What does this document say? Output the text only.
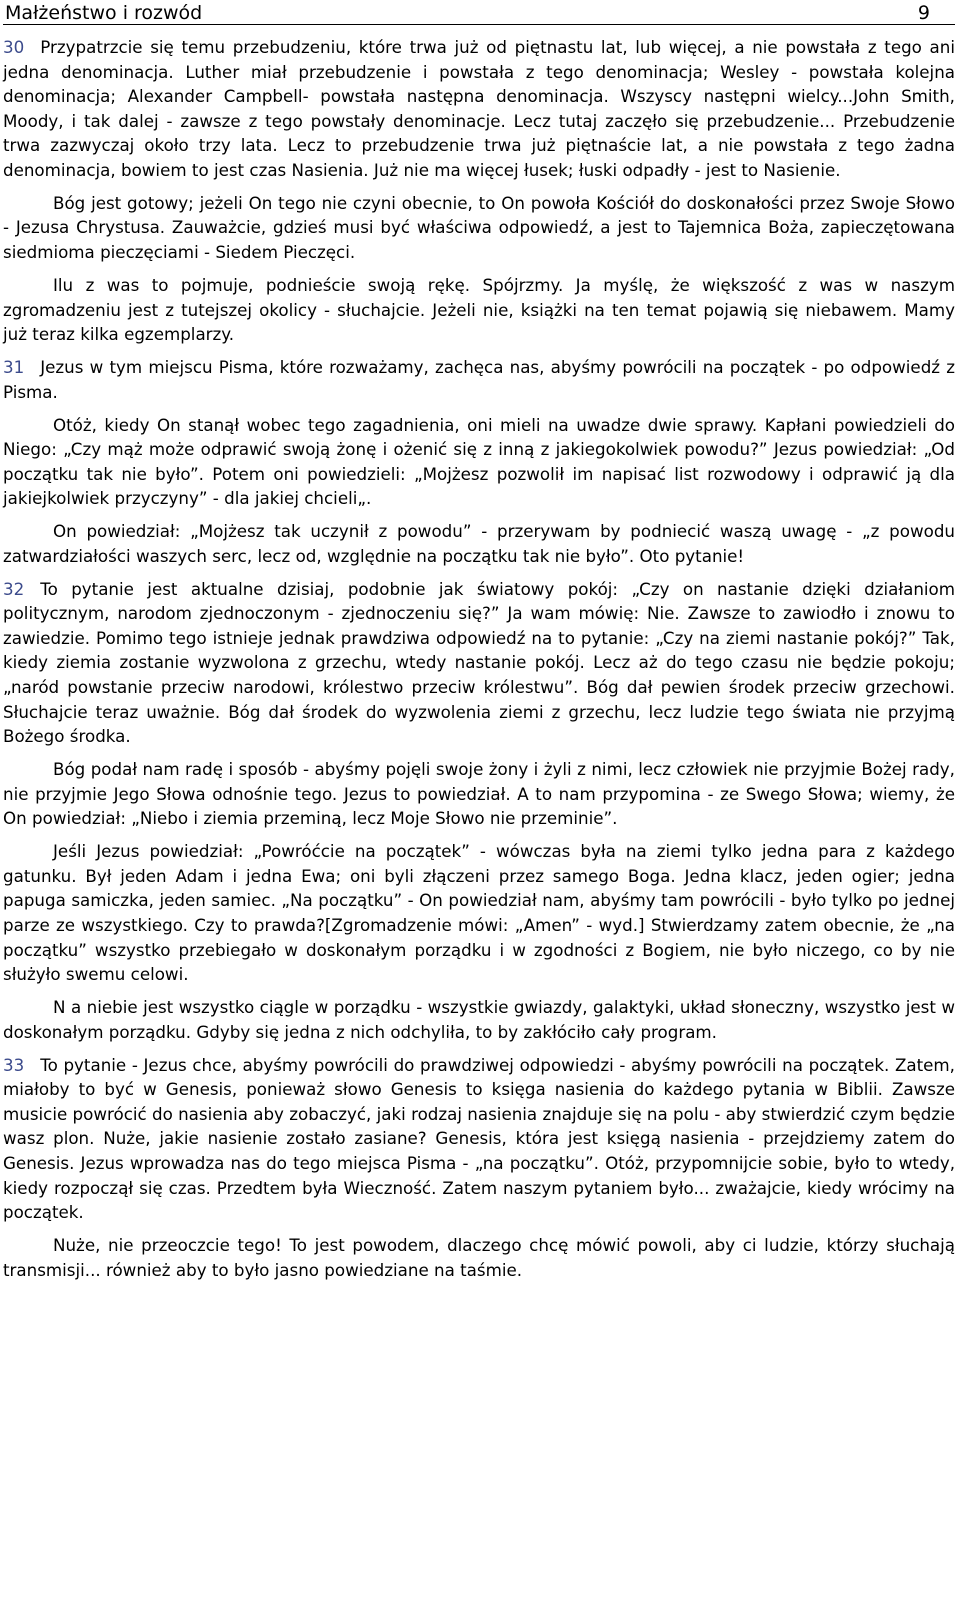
Małżeństwo i rozwód	9

30 Przypatrzcie się temu przebudzeniu, które trwa już od piętnastu lat, lub więcej, a nie powstała z tego ani jedna denominacja. Luther miał przebudzenie i powstała z tego denominacja; Wesley - powstała kolejna denominacja; Alexander Campbell- powstała następna denominacja. Wszyscy następni wielcy...John Smith, Moody, i tak dalej - zawsze z tego powstały denominacje. Lecz tutaj zaczęło się przebudzenie... Przebudzenie trwa zazwyczaj około trzy lata. Lecz to przebudzenie trwa już piętnaście lat, a nie powstała z tego żadna denominacja, bowiem to jest czas Nasienia. Już nie ma więcej łusek; łuski odpadły - jest to Nasienie.

Bóg jest gotowy; jeżeli On tego nie czyni obecnie, to On powoła Kościół do doskonałości przez Swoje Słowo - Jezusa Chrystusa. Zauważcie, gdzieś musi być właściwa odpowiedź, a jest to Tajemnica Boża, zapieczętowana siedmioma pieczęciami - Siedem Pieczęci.

Ilu z was to pojmuje, podnieście swoją rękę. Spójrzmy. Ja myślę, że większość z was w naszym zgromadzeniu jest z tutejszej okolicy - słuchajcie. Jeżeli nie, książki na ten temat pojawią się niebawem. Mamy już teraz kilka egzemplarzy.

31 Jezus w tym miejscu Pisma, które rozważamy, zachęca nas, abyśmy powrócili na początek - po odpowiedź z Pisma.

Otóż, kiedy On stanął wobec tego zagadnienia, oni mieli na uwadze dwie sprawy. Kapłani powiedzieli do Niego: „Czy mąż może odprawić swoją żonę i ożenić się z inną z jakiegokolwiek powodu?” Jezus powiedział: „Od początku tak nie było”. Potem oni powiedzieli: „Mojżesz pozwolił im napisać list rozwodowy i odprawić ją dla jakiejkolwiek przyczyny” - dla jakiej chcieli„.

On powiedział: „Mojżesz tak uczynił z powodu” - przerywam by podniecić waszą uwagę - „z powodu zatwardziałości waszych serc, lecz od, względnie na początku tak nie było”. Oto pytanie!

32 To pytanie jest aktualne dzisiaj, podobnie jak światowy pokój: „Czy on nastanie dzięki działaniom politycznym, narodom zjednoczonym - zjednoczeniu się?” Ja wam mówię: Nie. Zawsze to zawiodło i znowu to zawiedzie. Pomimo tego istnieje jednak prawdziwa odpowiedź na to pytanie: „Czy na ziemi nastanie pokój?” Tak, kiedy ziemia zostanie wyzwolona z grzechu, wtedy nastanie pokój. Lecz aż do tego czasu nie będzie pokoju; „naród powstanie przeciw narodowi, królestwo przeciw królestwu”. Bóg dał pewien środek przeciw grzechowi. Słuchajcie teraz uważnie. Bóg dał środek do wyzwolenia ziemi z grzechu, lecz ludzie tego świata nie przyjmą Bożego środka.

Bóg podał nam radę i sposób - abyśmy pojęli swoje żony i żyli z nimi, lecz człowiek nie przyjmie Bożej rady, nie przyjmie Jego Słowa odnośnie tego. Jezus to powiedział. A to nam przypomina - ze Swego Słowa; wiemy, że On powiedział: „Niebo i ziemia przeminą, lecz Moje Słowo nie przeminie”.

Jeśli Jezus powiedział: „Powróćcie na początek” - wówczas była na ziemi tylko jedna para z każdego gatunku. Był jeden Adam i jedna Ewa; oni byli złączeni przez samego Boga. Jedna klacz, jeden ogier; jedna papuga samiczka, jeden samiec. „Na początku” - On powiedział nam, abyśmy tam powrócili - było tylko po jednej parze ze wszystkiego. Czy to prawda?[Zgromadzenie mówi: „Amen” - wyd.] Stwierdzamy zatem obecnie, że „na początku” wszystko przebiegało w doskonałym porządku i w zgodności z Bogiem, nie było niczego, co by nie służyło swemu celowi.

N a niebie jest wszystko ciągle w porządku - wszystkie gwiazdy, galaktyki, układ słoneczny, wszystko jest w doskonałym porządku. Gdyby się jedna z nich odchyliła, to by zakłóciło cały program.

33 To pytanie - Jezus chce, abyśmy powrócili do prawdziwej odpowiedzi - abyśmy powrócili na początek. Zatem, miałoby to być w Genesis, ponieważ słowo Genesis to księga nasienia do każdego pytania w Biblii. Zawsze musicie powrócić do nasienia aby zobaczyć, jaki rodzaj nasienia znajduje się na polu - aby stwierdzić czym będzie wasz plon. Nuże, jakie nasienie zostało zasiane? Genesis, która jest księgą nasienia - przejdziemy zatem do Genesis. Jezus wprowadza nas do tego miejsca Pisma - „na początku”. Otóż, przypomnijcie sobie, było to wtedy, kiedy rozpoczął się czas. Przedtem była Wieczność. Zatem naszym pytaniem było... zważajcie, kiedy wrócimy na początek.

Nuże, nie przeoczcie tego! To jest powodem, dlaczego chcę mówić powoli, aby ci ludzie, którzy słuchają transmisji... również aby to było jasno powiedziane na taśmie.
